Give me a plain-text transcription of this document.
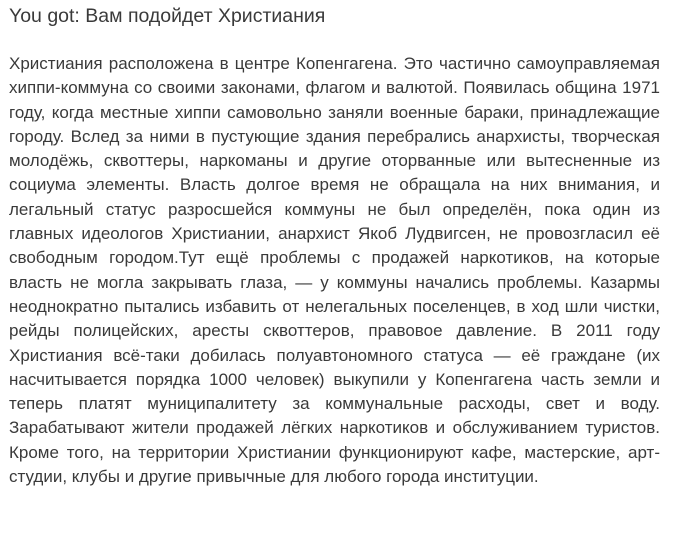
You got: Вам подойдет Христиания

Христиания расположена в центре Копенгагена. Это частично самоуправляемая хиппи-коммуна со своими законами, флагом и валютой. Появилась община 1971 году, когда местные хиппи самовольно заняли военные бараки, принадлежащие городу. Вслед за ними в пустующие здания перебрались анархисты, творческая молодёжь, сквоттеры, наркоманы и другие оторванные или вытесненные из социума элементы. Власть долгое время не обращала на них внимания, и легальный статус разросшейся коммуны не был определён, пока один из главных идеологов Христиании, анархист Якоб Лудвигсен, не провозгласил её свободным городом.Тут ещё проблемы с продажей наркотиков, на которые власть не могла закрывать глаза, — у коммуны начались проблемы. Казармы неоднократно пытались избавить от нелегальных поселенцев, в ход шли чистки, рейды полицейских, аресты сквоттеров, правовое давление. В 2011 году Христиания всё-таки добилась полуавтономного статуса — её граждане (их насчитывается порядка 1000 человек) выкупили у Копенгагена часть земли и теперь платят муниципалитету за коммунальные расходы, свет и воду. Зарабатывают жители продажей лёгких наркотиков и обслуживанием туристов. Кроме того, на территории Христиании функционируют кафе, мастерские, арт-студии, клубы и другие привычные для любого города институции.
